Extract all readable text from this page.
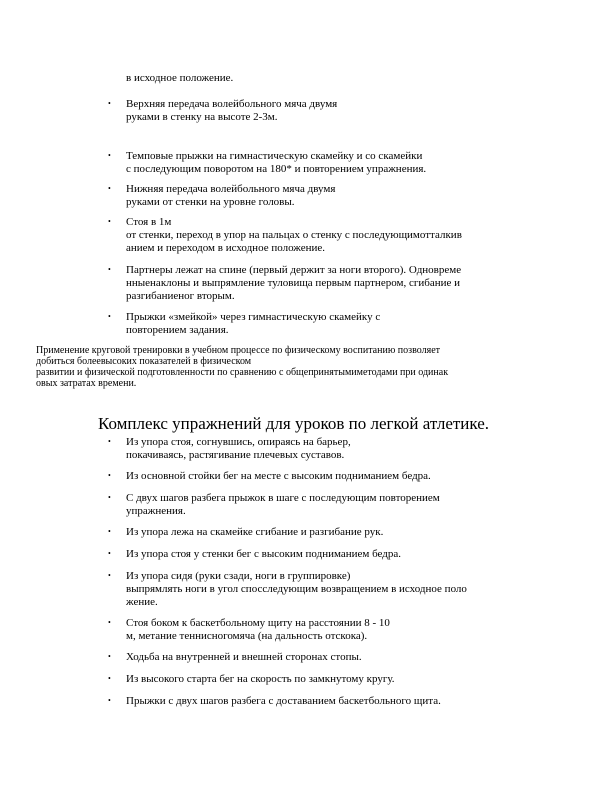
в исходное положение.
• Верхняя передача волейбольного мяча двумя
руками в стенку на высоте 2-3м.
• Темповые прыжки на гимнастическую скамейку и со скамейки
с последующим поворотом на 180* и повторением упражнения.
• Нижняя передача волейбольного мяча двумя
руками от стенки на уровне головы.
• Стоя в 1м
от стенки, переход в упор на пальцах о стенку с последующимотталкив
анием и переходом в исходное положение.
• Партнеры лежат на спине (первый держит за ноги второго). Одновреме
нныенаклоны и выпрямление туловища первым партнером, сгибание и
разгибаниеног вторым.
• Прыжки «змейкой» через гимнастическую скамейку с
повторением задания.
Применение круговой тренировки в учебном процессе по физическому воспитанию позволяет
добиться болеевысоких показателей в физическом
развитии и физической подготовленности по сравнению с общепринятымиметодами при одинак
овых затратах времени.
Комплекс упражнений для уроков по легкой атлетике.
• Из упора стоя, согнувшись, опираясь на барьер,
покачиваясь, растягивание плечевых суставов.
• Из основной стойки бег на месте с высоким подниманием бедра.
• С двух шагов разбега прыжок в шаге с последующим повторением
упражнения.
• Из упора лежа на скамейке сгибание и разгибание рук.
• Из упора стоя у стенки бег с высоким подниманием бедра.
• Из упора сидя (руки сзади, ноги в группировке)
выпрямлять ноги в угол спосследующим возвращением в исходное поло
жение.
• Стоя боком к баскетбольному щиту на расстоянии 8 - 10
м, метание теннисногомяча (на дальность отскока).
• Ходьба на внутренней и внешней сторонах стопы.
• Из высокого старта бег на скорость по замкнутому кругу.
• Прыжки с двух шагов разбега с доставанием баскетбольного щита.
